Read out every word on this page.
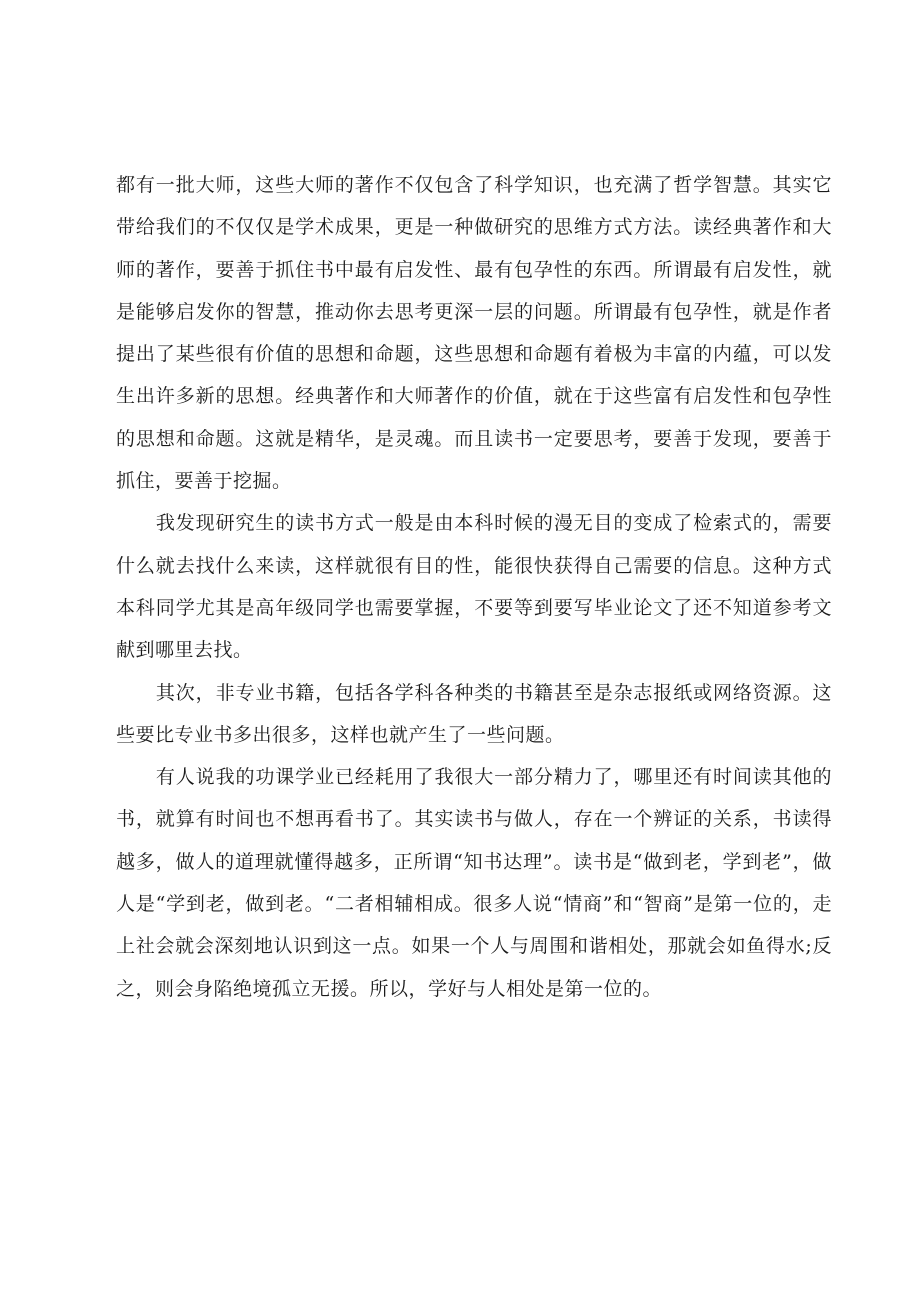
都有一批大师，这些大师的著作不仅包含了科学知识，也充满了哲学智慧。其实它带给我们的不仅仅是学术成果，更是一种做研究的思维方式方法。读经典著作和大师的著作，要善于抓住书中最有启发性、最有包孕性的东西。所谓最有启发性，就是能够启发你的智慧，推动你去思考更深一层的问题。所谓最有包孕性，就是作者提出了某些很有价值的思想和命题，这些思想和命题有着极为丰富的内蕴，可以发生出许多新的思想。经典著作和大师著作的价值，就在于这些富有启发性和包孕性的思想和命题。这就是精华，是灵魂。而且读书一定要思考，要善于发现，要善于抓住，要善于挖掘。

我发现研究生的读书方式一般是由本科时候的漫无目的变成了检索式的，需要什么就去找什么来读，这样就很有目的性，能很快获得自己需要的信息。这种方式本科同学尤其是高年级同学也需要掌握，不要等到要写毕业论文了还不知道参考文献到哪里去找。

其次，非专业书籍，包括各学科各种类的书籍甚至是杂志报纸或网络资源。这些要比专业书多出很多，这样也就产生了一些问题。

有人说我的功课学业已经耗用了我很大一部分精力了，哪里还有时间读其他的书，就算有时间也不想再看书了。其实读书与做人，存在一个辨证的关系，书读得越多，做人的道理就懂得越多，正所谓“知书达理”。读书是“做到老，学到老”，做人是“学到老，做到老。“二者相辅相成。很多人说“情商”和“智商”是第一位的，走上社会就会深刻地认识到这一点。如果一个人与周围和谐相处，那就会如鱼得水;反之，则会身陷绝境孤立无援。所以，学好与人相处是第一位的。
